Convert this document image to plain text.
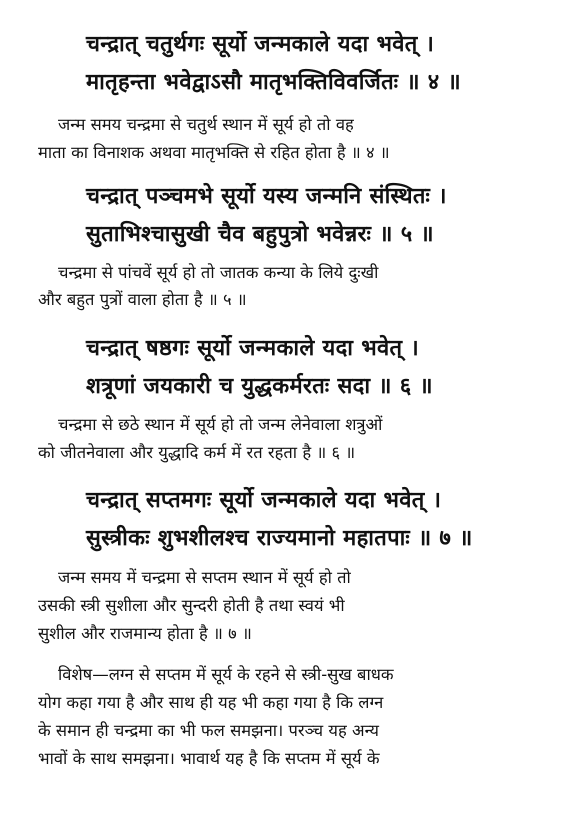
चन्द्रात् चतुर्थगः सूर्यो जन्मकाले यदा भवेत् ।
मातृहन्ता भवेद्वाऽसौ मातृभक्तिविवर्जितः ॥ ४ ॥
जन्म समय चन्द्रमा से चतुर्थ स्थान में सूर्य हो तो वह
माता का विनाशक अथवा मातृभक्ति से रहित होता है ॥ ४ ॥
चन्द्रात् पञ्चमभे सूर्यो यस्य जन्मनि संस्थितः ।
सुताभिश्चासुखी चैव बहुपुत्रो भवेन्नरः ॥ ५ ॥
चन्द्रमा से पांचवें सूर्य हो तो जातक कन्या के लिये दुःखी
और बहुत पुत्रों वाला होता है ॥ ५ ॥
चन्द्रात् षष्ठगः सूर्यो जन्मकाले यदा भवेत् ।
शत्रूणां जयकारी च युद्धकर्मरतः सदा ॥ ६ ॥
चन्द्रमा से छठे स्थान में सूर्य हो तो जन्म लेनेवाला शत्रुओं
को जीतनेवाला और युद्धादि कर्म में रत रहता है ॥ ६ ॥
चन्द्रात् सप्तमगः सूर्यो जन्मकाले यदा भवेत् ।
सुस्त्रीकः शुभशीलश्च राज्यमानो महातपाः ॥ ७ ॥
जन्म समय में चन्द्रमा से सप्तम स्थान में सूर्य हो तो
उसकी स्त्री सुशीला और सुन्दरी होती है तथा स्वयं भी
सुशील और राजमान्य होता है ॥ ७ ॥
विशेष—लग्न से सप्तम में सूर्य के रहने से स्त्री-सुख बाधक
योग कहा गया है और साथ ही यह भी कहा गया है कि लग्न
के समान ही चन्द्रमा का भी फल समझना। परञ्च यह अन्य
भावों के साथ समझना। भावार्थ यह है कि सप्तम में सूर्य के
